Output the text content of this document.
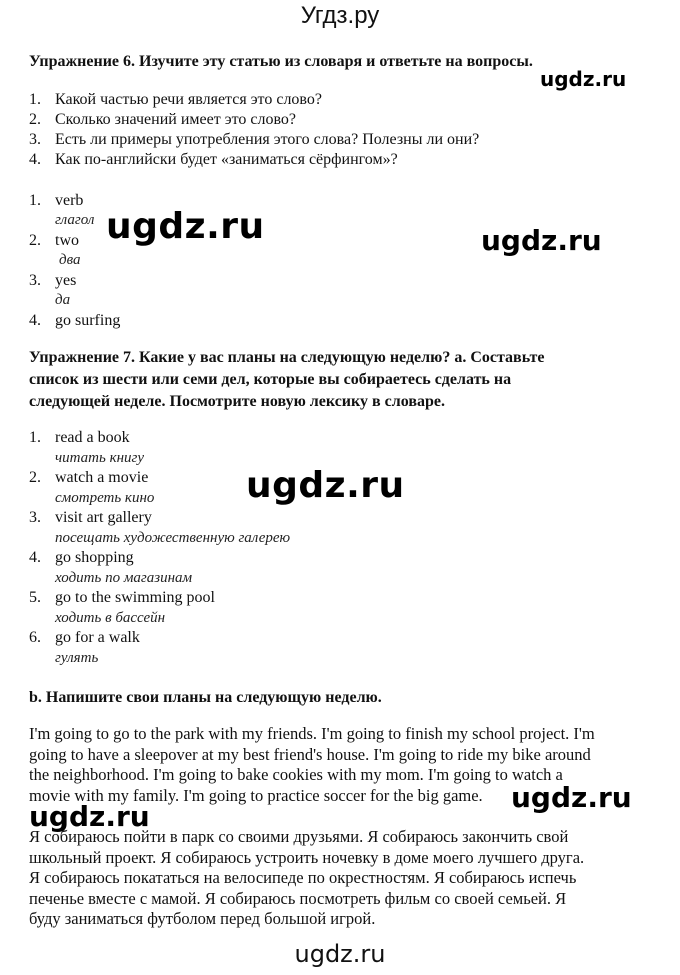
Угдз.ру
Упражнение 6. Изучите эту статью из словаря и ответьте на вопросы.
ugdz.ru
1. Какой частью речи является это слово?
2. Сколько значений имеет это слово?
3. Есть ли примеры употребления этого слова? Полезны ли они?
4. Как по-английски будет «заниматься сёрфингом»?
1. verb
глагол
2. two
два
3. yes
да
4. go surfing
ugdz.ru	ugdz.ru
Упражнение 7. Какие у вас планы на следующую неделю? a. Составьте
список из шести или семи дел, которые вы собираетесь сделать на
следующей неделе. Посмотрите новую лексику в словаре.
1. read a book
читать книгу
2. watch a movie
смотреть кино
3. visit art gallery
посещать художественную галерею
4. go shopping
ходить по магазинам
5. go to the swimming pool
ходить в бассейн
6. go for a walk
гулять
ugdz.ru
b. Напишите свои планы на следующую неделю.
I'm going to go to the park with my friends. I'm going to finish my school project. I'm
going to have a sleepover at my best friend's house. I'm going to ride my bike around
the neighborhood. I'm going to bake cookies with my mom. I'm going to watch a
movie with my family. I'm going to practice soccer for the big game.
ugdz.ru
ugdz.ru
Я собираюсь пойти в парк со своими друзьями. Я собираюсь закончить свой
школьный проект. Я собираюсь устроить ночевку в доме моего лучшего друга.
Я собираюсь покататься на велосипеде по окрестностям. Я собираюсь испечь
печенье вместе с мамой. Я собираюсь посмотреть фильм со своей семьей. Я
буду заниматься футболом перед большой игрой.
ugdz.ru
